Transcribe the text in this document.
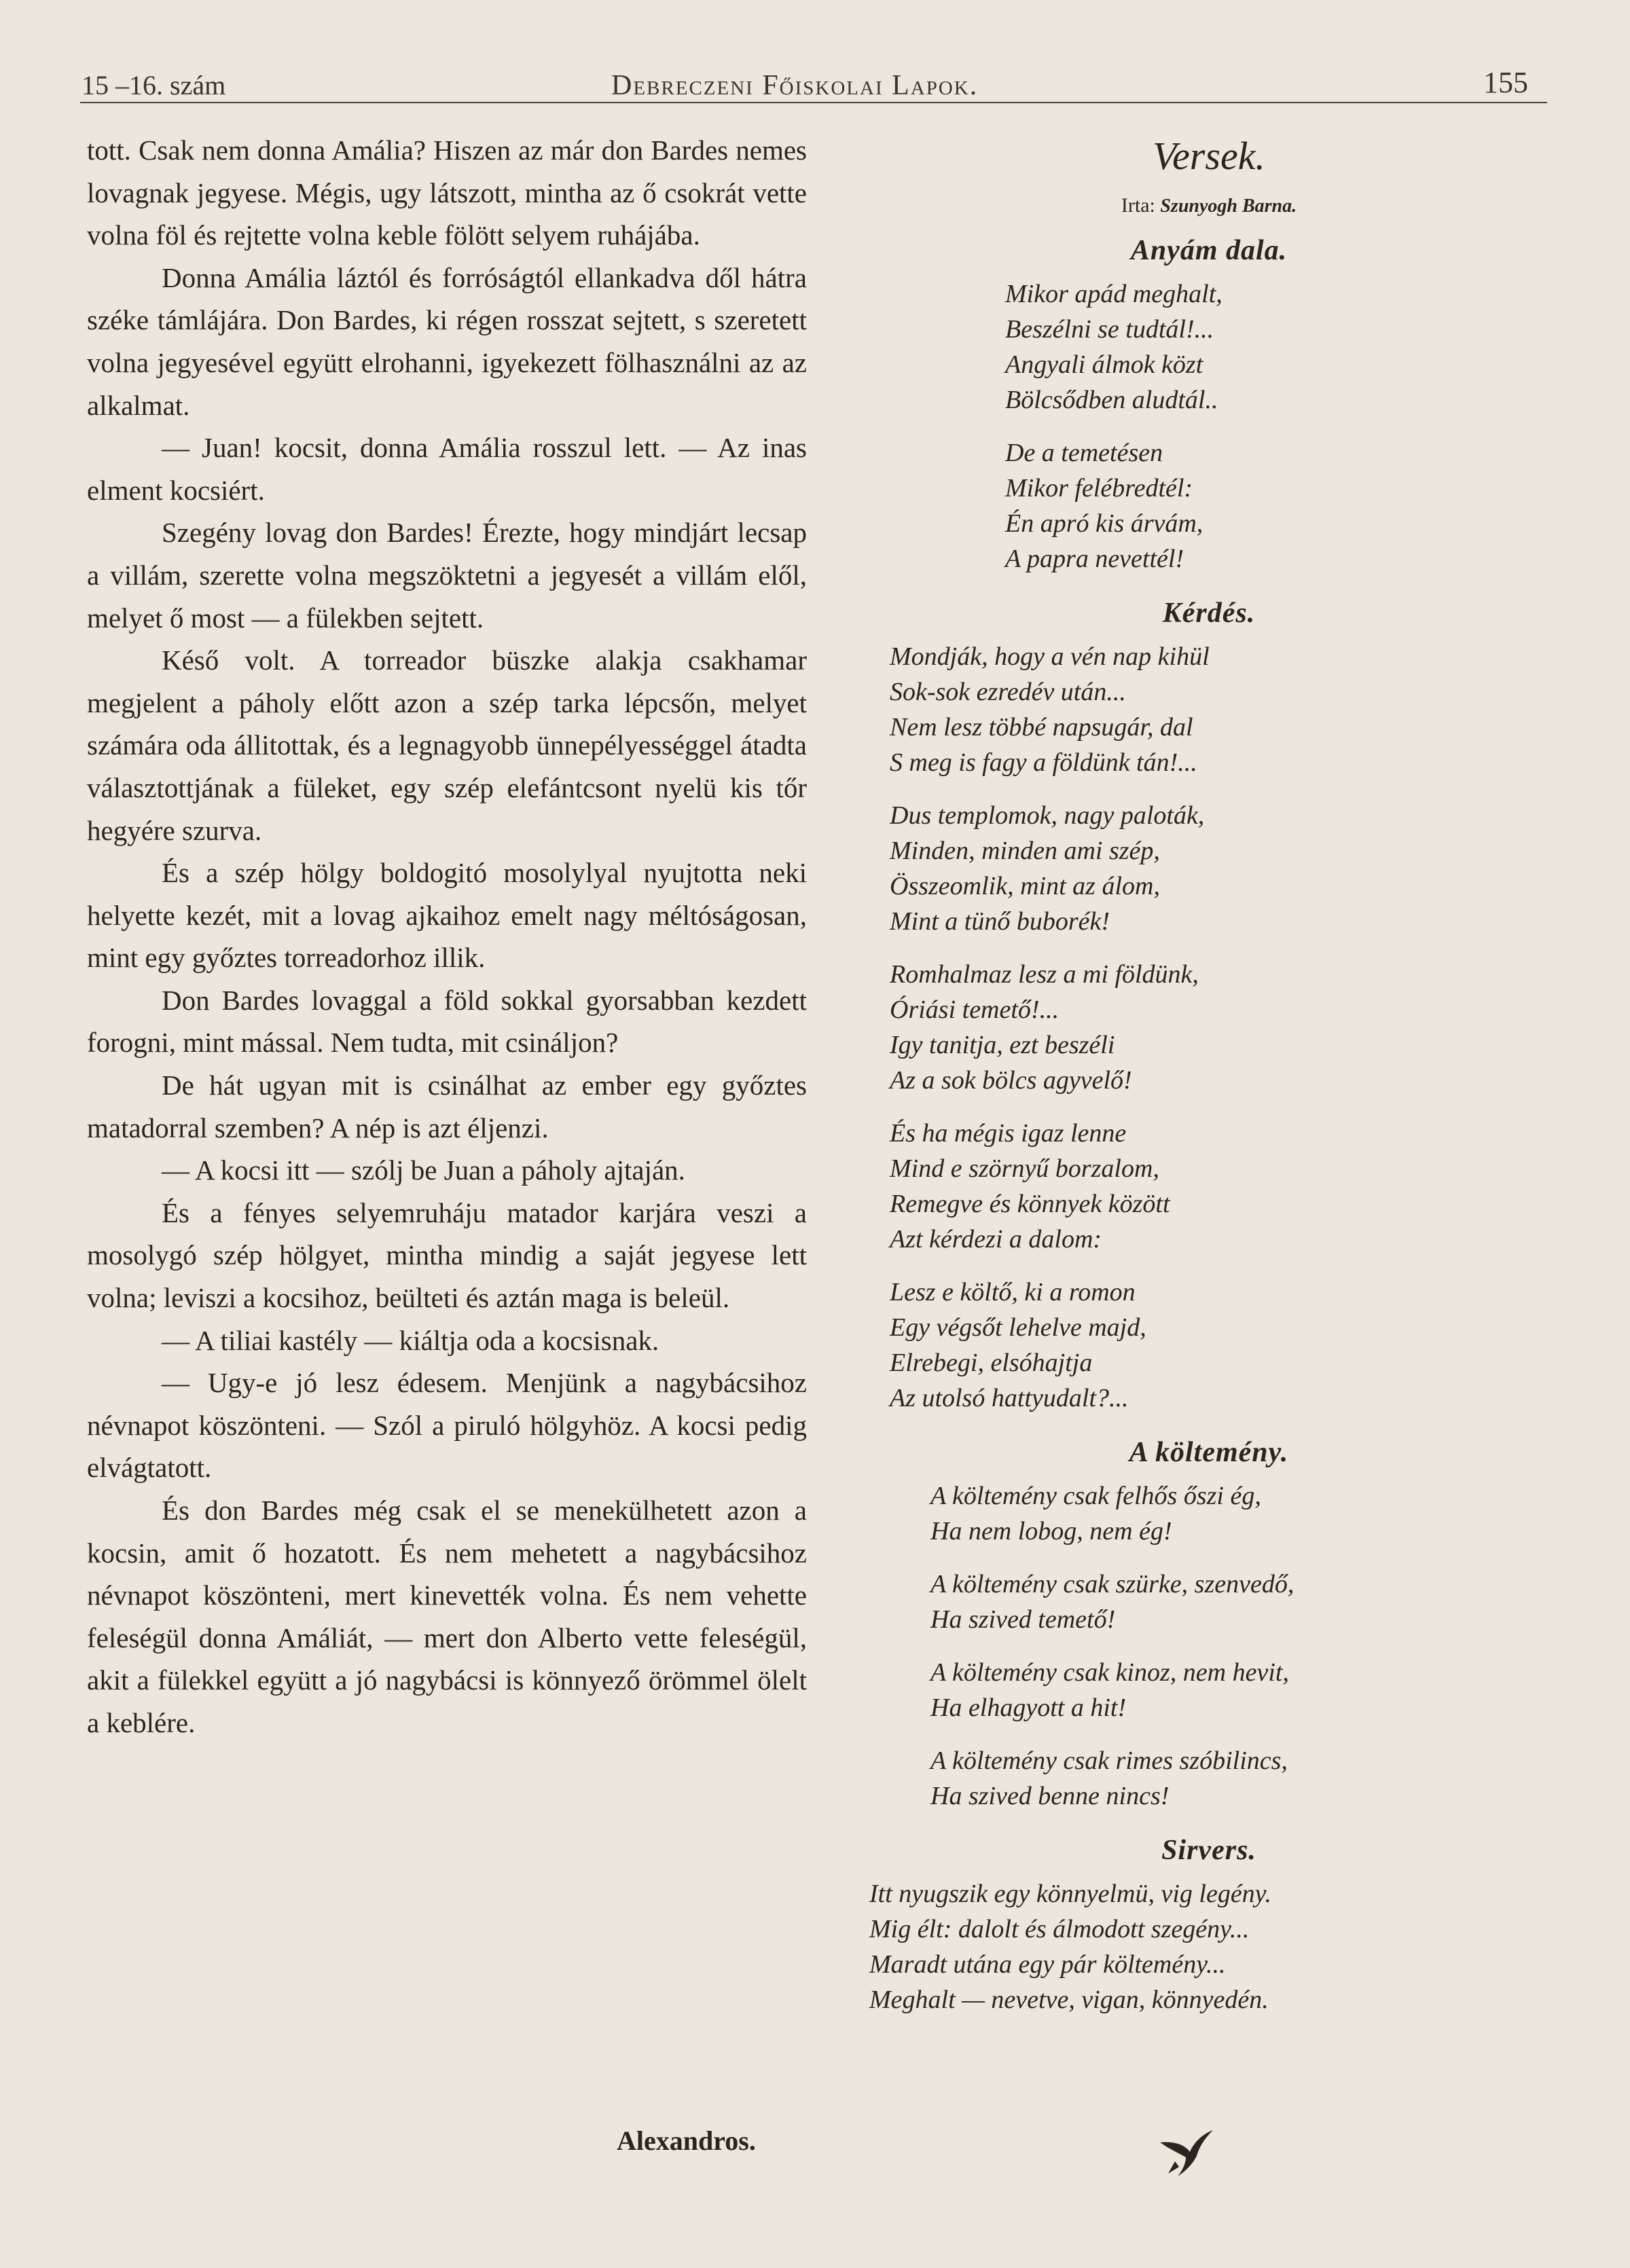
15 –16. szám	Debreczeni Főiskolai Lapok.	155

tott. Csak nem donna Amália? Hiszen az már don Bardes nemes lovagnak jegyese. Mégis, ugy látszott, mintha az ő csokrát vette volna föl és rejtette volna keble fölött selyem ruhájába.

Donna Amália láztól és forróságtól ellankadva dől hátra széke támlájára. Don Bardes, ki régen rosszat sejtett, s szeretett volna jegyesével együtt elrohanni, igyekezett fölhasználni az az alkalmat.

— Juan! kocsit, donna Amália rosszul lett. — Az inas elment kocsiért.

Szegény lovag don Bardes! Érezte, hogy mindjárt lecsap a villám, szerette volna megszöktetni a jegyesét a villám elől, melyet ő most — a fülekben sejtett.

Késő volt. A torreador büszke alakja csakhamar megjelent a páholy előtt azon a szép tarka lépcsőn, melyet számára oda állitottak, és a legnagyobb ünnepélyességgel átadta választottjának a füleket, egy szép elefántcsont nyelü kis tőr hegyére szurva.

És a szép hölgy boldogitó mosolylyal nyujtotta neki helyette kezét, mit a lovag ajkaihoz emelt nagy méltóságosan, mint egy győztes torreadorhoz illik.

Don Bardes lovaggal a föld sokkal gyorsabban kezdett forogni, mint mással. Nem tudta, mit csináljon?

De hát ugyan mit is csinálhat az ember egy győztes matadorral szemben? A nép is azt éljenzi.

— A kocsi itt — szólj be Juan a páholy ajtaján.

És a fényes selyemruháju matador karjára veszi a mosolygó szép hölgyet, mintha mindig a saját jegyese lett volna; leviszi a kocsihoz, beülteti és aztán maga is beleül.

— A tiliai kastély — kiáltja oda a kocsisnak.

— Ugy-e jó lesz édesem. Menjünk a nagybácsihoz névnapot köszönteni. — Szól a piruló hölgyhöz. A kocsi pedig elvágtatott.

És don Bardes még csak el se menekülhetett azon a kocsin, amit ő hozatott. És nem mehetett a nagybácsihoz névnapot köszönteni, mert kinevették volna. És nem vehette feleségül donna Amáliát, — mert don Alberto vette feleségül, akit a fülekkel együtt a jó nagybácsi is könnyező örömmel ölelt a keblére.

Alexandros.

Versek.

Irta: Szunyogh Barna.

Anyám dala.

Mikor apád meghalt,
Beszélni se tudtál!...
Angyali álmok közt
Bölcsődben aludtál..
De a temetésen
Mikor felébredtél:
Én apró kis árvám,
A papra nevettél!

Kérdés.

Mondják, hogy a vén nap kihül
Sok-sok ezredév után...
Nem lesz többé napsugár, dal
S meg is fagy a földünk tán!...
Dus templomok, nagy paloták,
Minden, minden ami szép,
Összeomlik, mint az álom,
Mint a tünő buborék!
Romhalmaz lesz a mi földünk,
Óriási temető!...
Igy tanitja, ezt beszéli
Az a sok bölcs agyvelő!
És ha mégis igaz lenne
Mind e szörnyű borzalom,
Remegve és könnyek között
Azt kérdezi a dalom:
Lesz e költő, ki a romon
Egy végsőt lehelve majd,
Elrebegi, elsóhajtja
Az utolsó hattyudalt?...

A költemény.

A költemény csak felhős őszi ég,
Ha nem lobog, nem ég!
A költemény csak szürke, szenvedő,
Ha szived temető!
A költemény csak kinoz, nem hevit,
Ha elhagyott a hit!
A költemény csak rimes szóbilincs,
Ha szived benne nincs!

Sirvers.

Itt nyugszik egy könnyelmü, vig legény.
Mig élt: dalolt és álmodott szegény...
Maradt utána egy pár költemény...
Meghalt — nevetve, vigan, könnyedén.
